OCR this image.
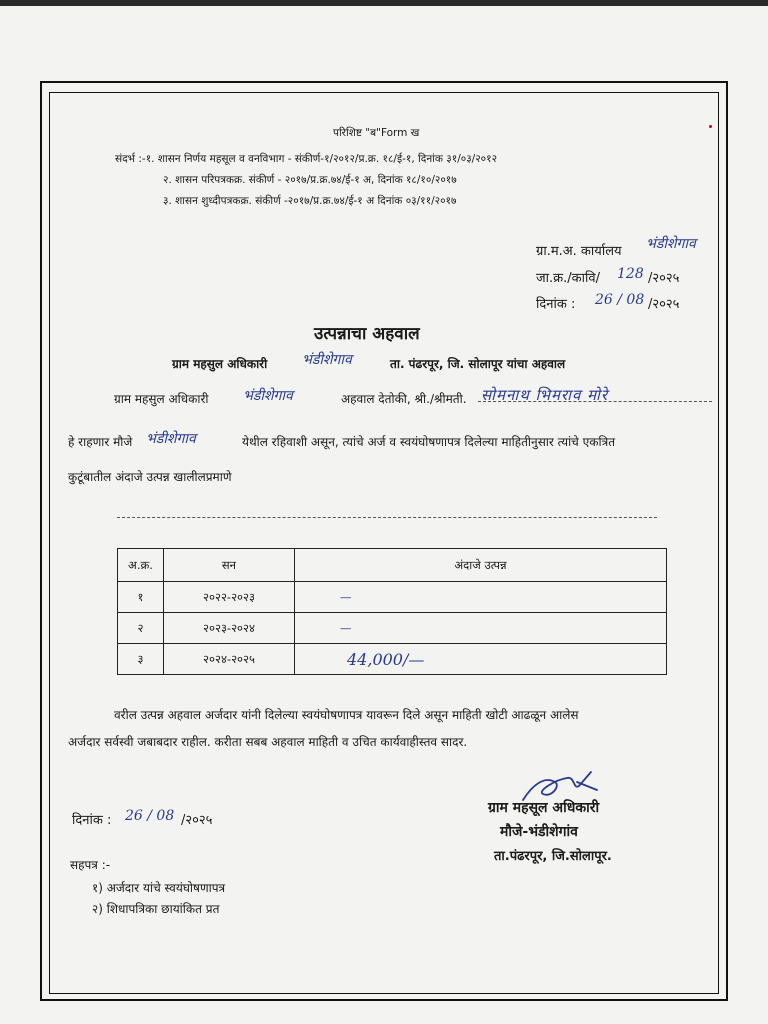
परिशिष्ट "ब"Form ख
संदर्भ :-१. शासन निर्णय महसूल व वनविभाग - संकीर्ण-१/२०१२/प्र.क्र. १८/ई-१, दिनांक ३१/०३/२०१२
२. शासन परिपत्रकक्र. संकीर्ण - २०१७/प्र.क्र.७४/ई-१ अ, दिनांक १८/१०/२०१७
३. शासन शुध्दीपत्रकक्र. संकीर्ण -२०१७/प्र.क्र.७४/ई-१ अ दिनांक ०३/११/२०१७
ग्रा.म.अ. कार्यालय भंडीशेगाव
जा.क्र./कावि/ 128 /२०२५
दिनांक : 26 / 08 /२०२५
उत्पन्नाचा अहवाल
ग्राम महसुल अधिकारी भंडीशेगाव	ता. पंढरपूर, जि. सोलापूर यांचा अहवाल
ग्राम महसुल अधिकारी भंडीशेगाव	अहवाल देतोकी, श्री./श्रीमती. सोमनाथ भिमराव मोरे
हे राहणार मौजे भंडीशेगाव	येथील रहिवाशी असून, त्यांचे अर्ज व स्वयंघोषणापत्र दिलेल्या माहितीनुसार त्यांचे एकत्रित
कुटूंबातील अंदाजे उत्पन्न खालीलप्रमाणे
अ.क्र.	सन	अंदाजे उत्पन्न
१	२०२२-२०२३	—
२	२०२३-२०२४	—
३	२०२४-२०२५	44,000/—
वरील उत्पन्न अहवाल अर्जदार यांनी दिलेल्या स्वयंघोषणापत्र यावरून दिले असून माहिती खोटी आढळून आलेस
अर्जदार सर्वस्वी जबाबदार राहील. करीता सबब अहवाल माहिती व उचित कार्यवाहीस्तव सादर.
दिनांक : 26 / 08 /२०२५
सहपत्र :-
१) अर्जदार यांचे स्वयंघोषणापत्र
२) शिधापत्रिका छायांकित प्रत
ग्राम महसूल अधिकारी
मौजे-भंडीशेगांव
ता.पंढरपूर, जि.सोलापूर.
